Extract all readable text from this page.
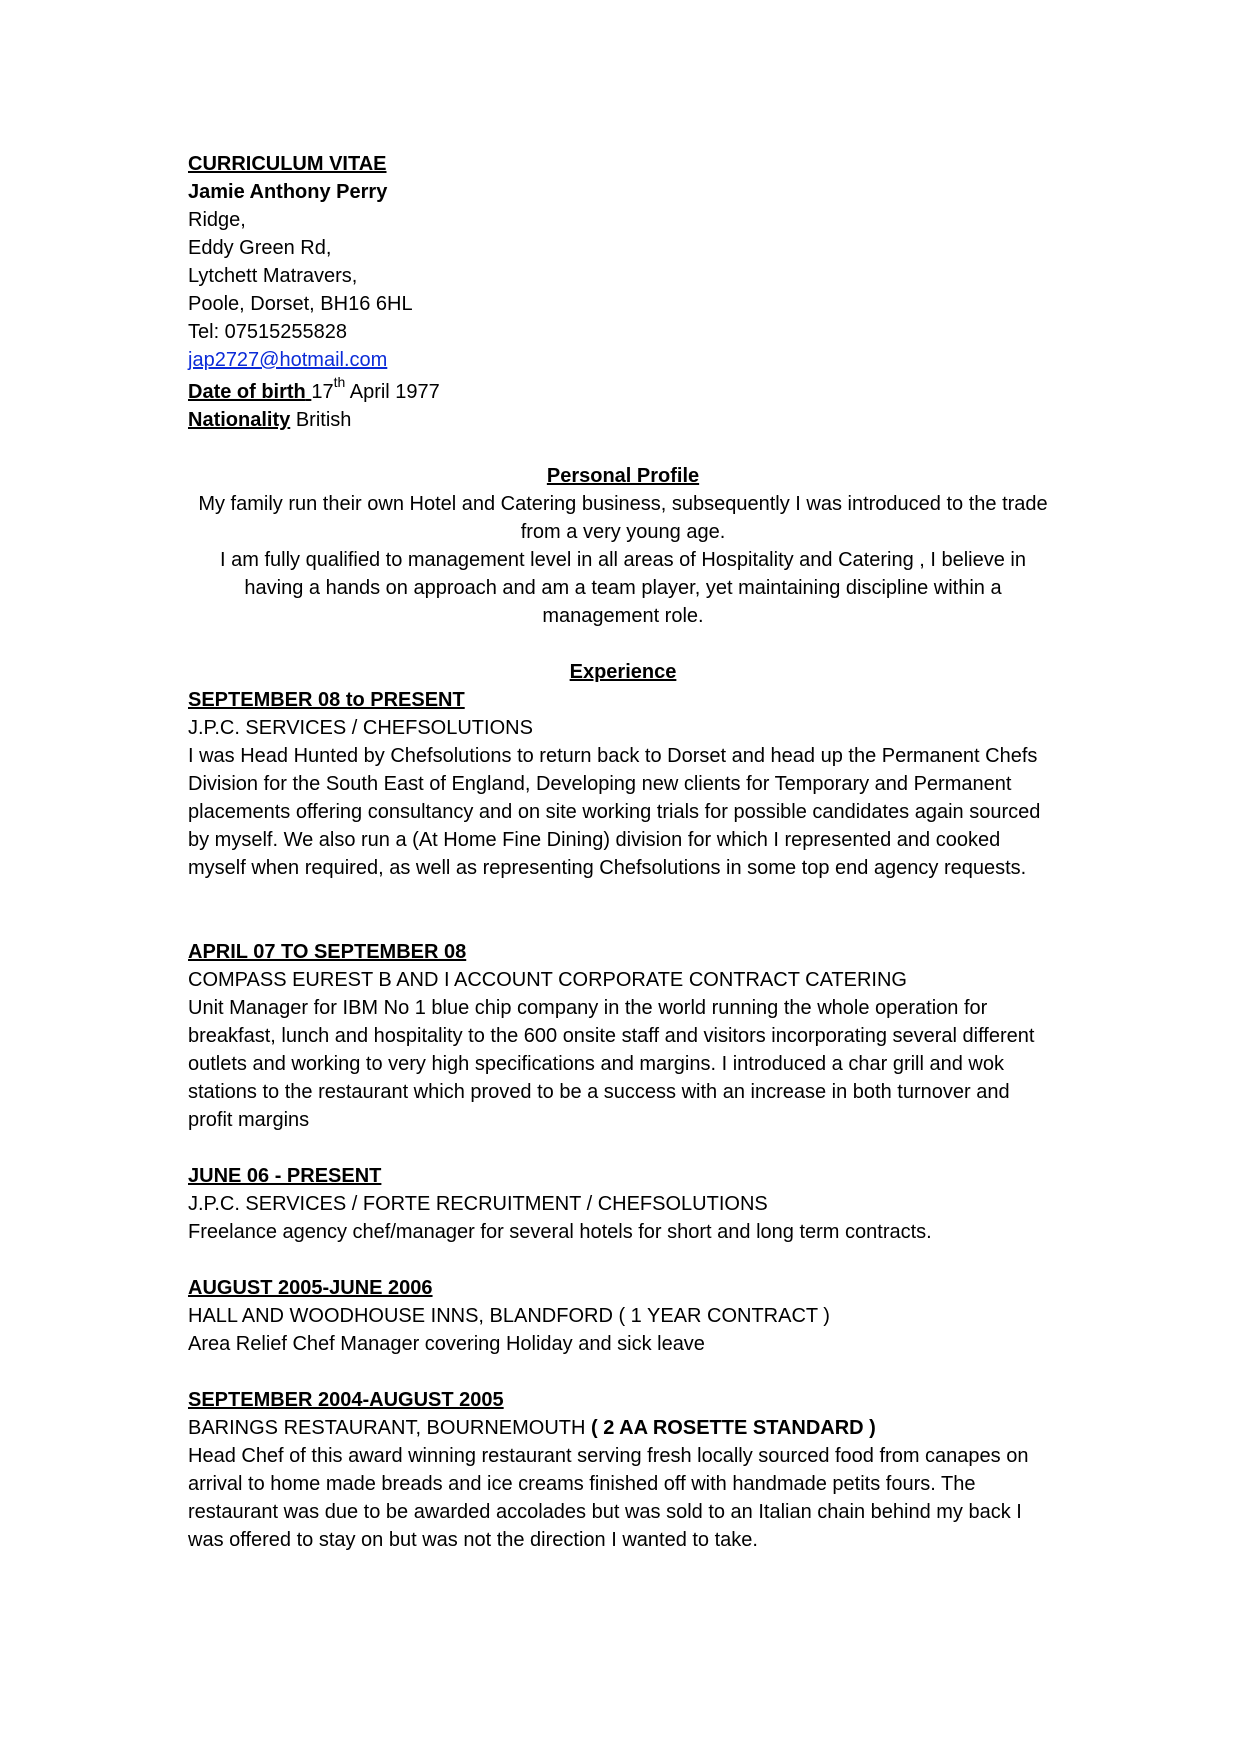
CURRICULUM VITAE
Jamie Anthony Perry
Ridge,
Eddy Green Rd,
Lytchett Matravers,
Poole, Dorset, BH16 6HL
Tel: 07515255828
jap2727@hotmail.com
Date of birth 17th April 1977
Nationality British
Personal Profile
My family run their own Hotel and Catering business, subsequently I was introduced to the trade from a very young age.
I am fully qualified to management level in all areas of Hospitality and Catering , I believe in having a hands on approach and am a team player, yet maintaining discipline within a management role.
Experience
SEPTEMBER 08 to PRESENT
J.P.C. SERVICES / CHEFSOLUTIONS
I was Head Hunted by Chefsolutions to return back to Dorset and head up the Permanent Chefs Division for the South East of England, Developing new clients for Temporary and Permanent placements offering consultancy and on site working trials for possible candidates again sourced by myself. We also run a (At Home Fine Dining) division for which I represented and cooked myself when required, as well as representing Chefsolutions in some top end agency requests.
APRIL 07 TO SEPTEMBER 08
COMPASS EUREST B AND I ACCOUNT CORPORATE CONTRACT CATERING
Unit Manager for IBM No 1 blue chip company in the world running the whole operation for breakfast, lunch and hospitality to the 600 onsite staff and visitors incorporating several different outlets and working to very high specifications and margins. I introduced a char grill and wok stations to the restaurant which proved to be a success with an increase in both turnover and profit margins
JUNE 06 - PRESENT
J.P.C. SERVICES / FORTE RECRUITMENT / CHEFSOLUTIONS
Freelance agency chef/manager for several hotels for short and long term contracts.
AUGUST 2005-JUNE 2006
HALL AND WOODHOUSE INNS, BLANDFORD ( 1 YEAR CONTRACT )
Area Relief Chef Manager covering Holiday and sick leave
SEPTEMBER 2004-AUGUST 2005
BARINGS RESTAURANT, BOURNEMOUTH ( 2 AA ROSETTE STANDARD )
Head Chef of this award winning restaurant serving fresh locally sourced food from canapes on arrival to home made breads and ice creams finished off with handmade petits fours. The restaurant was due to be awarded accolades but was sold to an Italian chain behind my back I was offered to stay on but was not the direction I wanted to take.
